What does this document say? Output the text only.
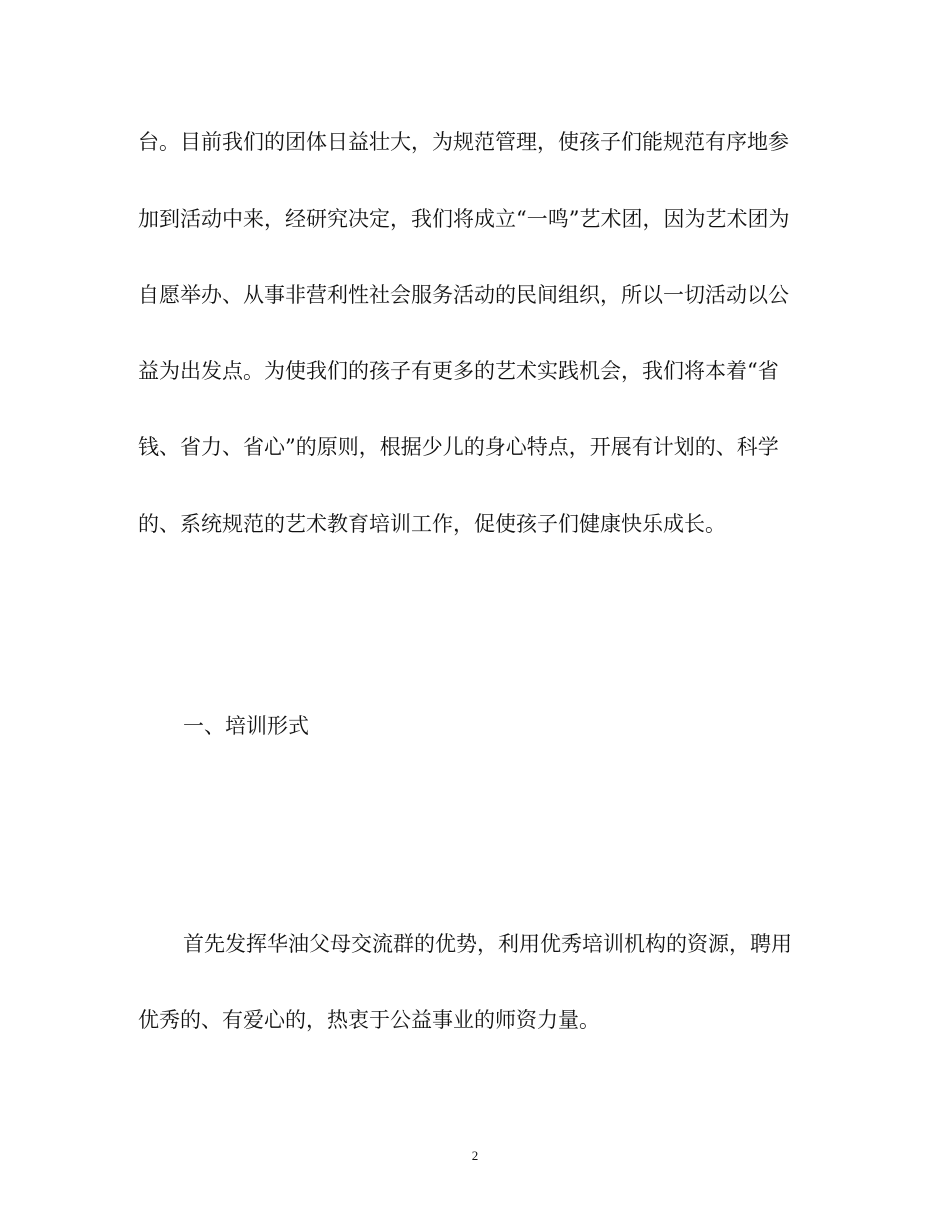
台。目前我们的团体日益壮大，为规范管理，使孩子们能规范有序地参
加到活动中来，经研究决定，我们将成立“一鸣”艺术团，因为艺术团为
自愿举办、从事非营利性社会服务活动的民间组织，所以一切活动以公
益为出发点。为使我们的孩子有更多的艺术实践机会，我们将本着“省
钱、省力、省心”的原则，根据少儿的身心特点，开展有计划的、科学
的、系统规范的艺术教育培训工作，促使孩子们健康快乐成长。
一、培训形式
首先发挥华油父母交流群的优势，利用优秀培训机构的资源，聘用
优秀的、有爱心的，热衷于公益事业的师资力量。
2
